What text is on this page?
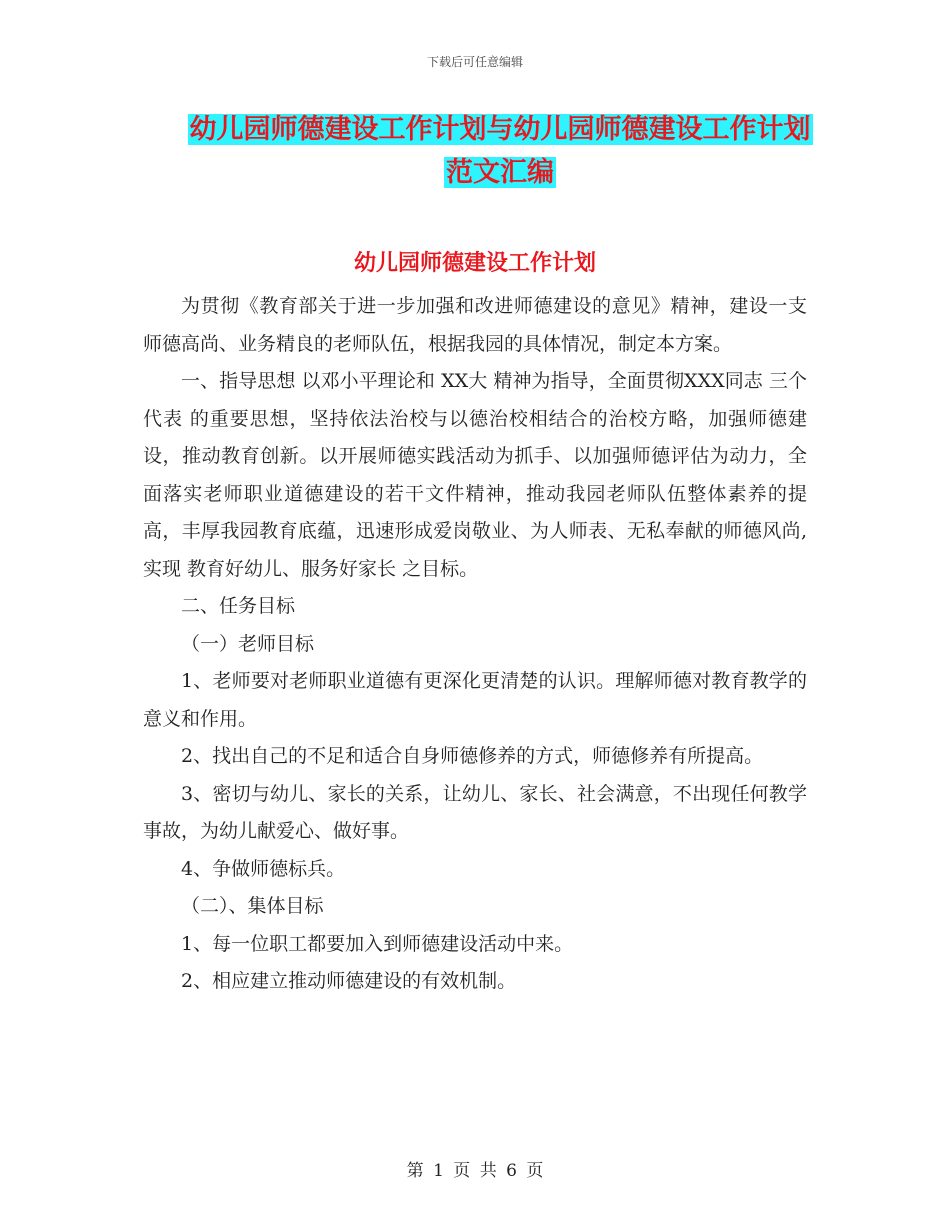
下载后可任意编辑
幼儿园师德建设工作计划与幼儿园师德建设工作计划
范文汇编
幼儿园师德建设工作计划

为贯彻《教育部关于进一步加强和改进师德建设的意见》精神，建设一支师德高尚、业务精良的老师队伍，根据我园的具体情况，制定本方案。

一、指导思想 以邓小平理论和 XX大 精神为指导，全面贯彻XXX同志 三个代表 的重要思想，坚持依法治校与以德治校相结合的治校方略，加强师德建设，推动教育创新。以开展师德实践活动为抓手、以加强师德评估为动力，全面落实老师职业道德建设的若干文件精神，推动我园老师队伍整体素养的提高，丰厚我园教育底蕴，迅速形成爱岗敬业、为人师表、无私奉献的师德风尚,实现 教育好幼儿、服务好家长 之目标。

二、任务目标

（一）老师目标

1、老师要对老师职业道德有更深化更清楚的认识。理解师德对教育教学的意义和作用。

2、找出自己的不足和适合自身师德修养的方式，师德修养有所提高。

3、密切与幼儿、家长的关系，让幼儿、家长、社会满意，不出现任何教学事故，为幼儿献爱心、做好事。

4、争做师德标兵。

（二）、集体目标

1、每一位职工都要加入到师德建设活动中来。

2、相应建立推动师德建设的有效机制。

第 1 页 共 6 页
